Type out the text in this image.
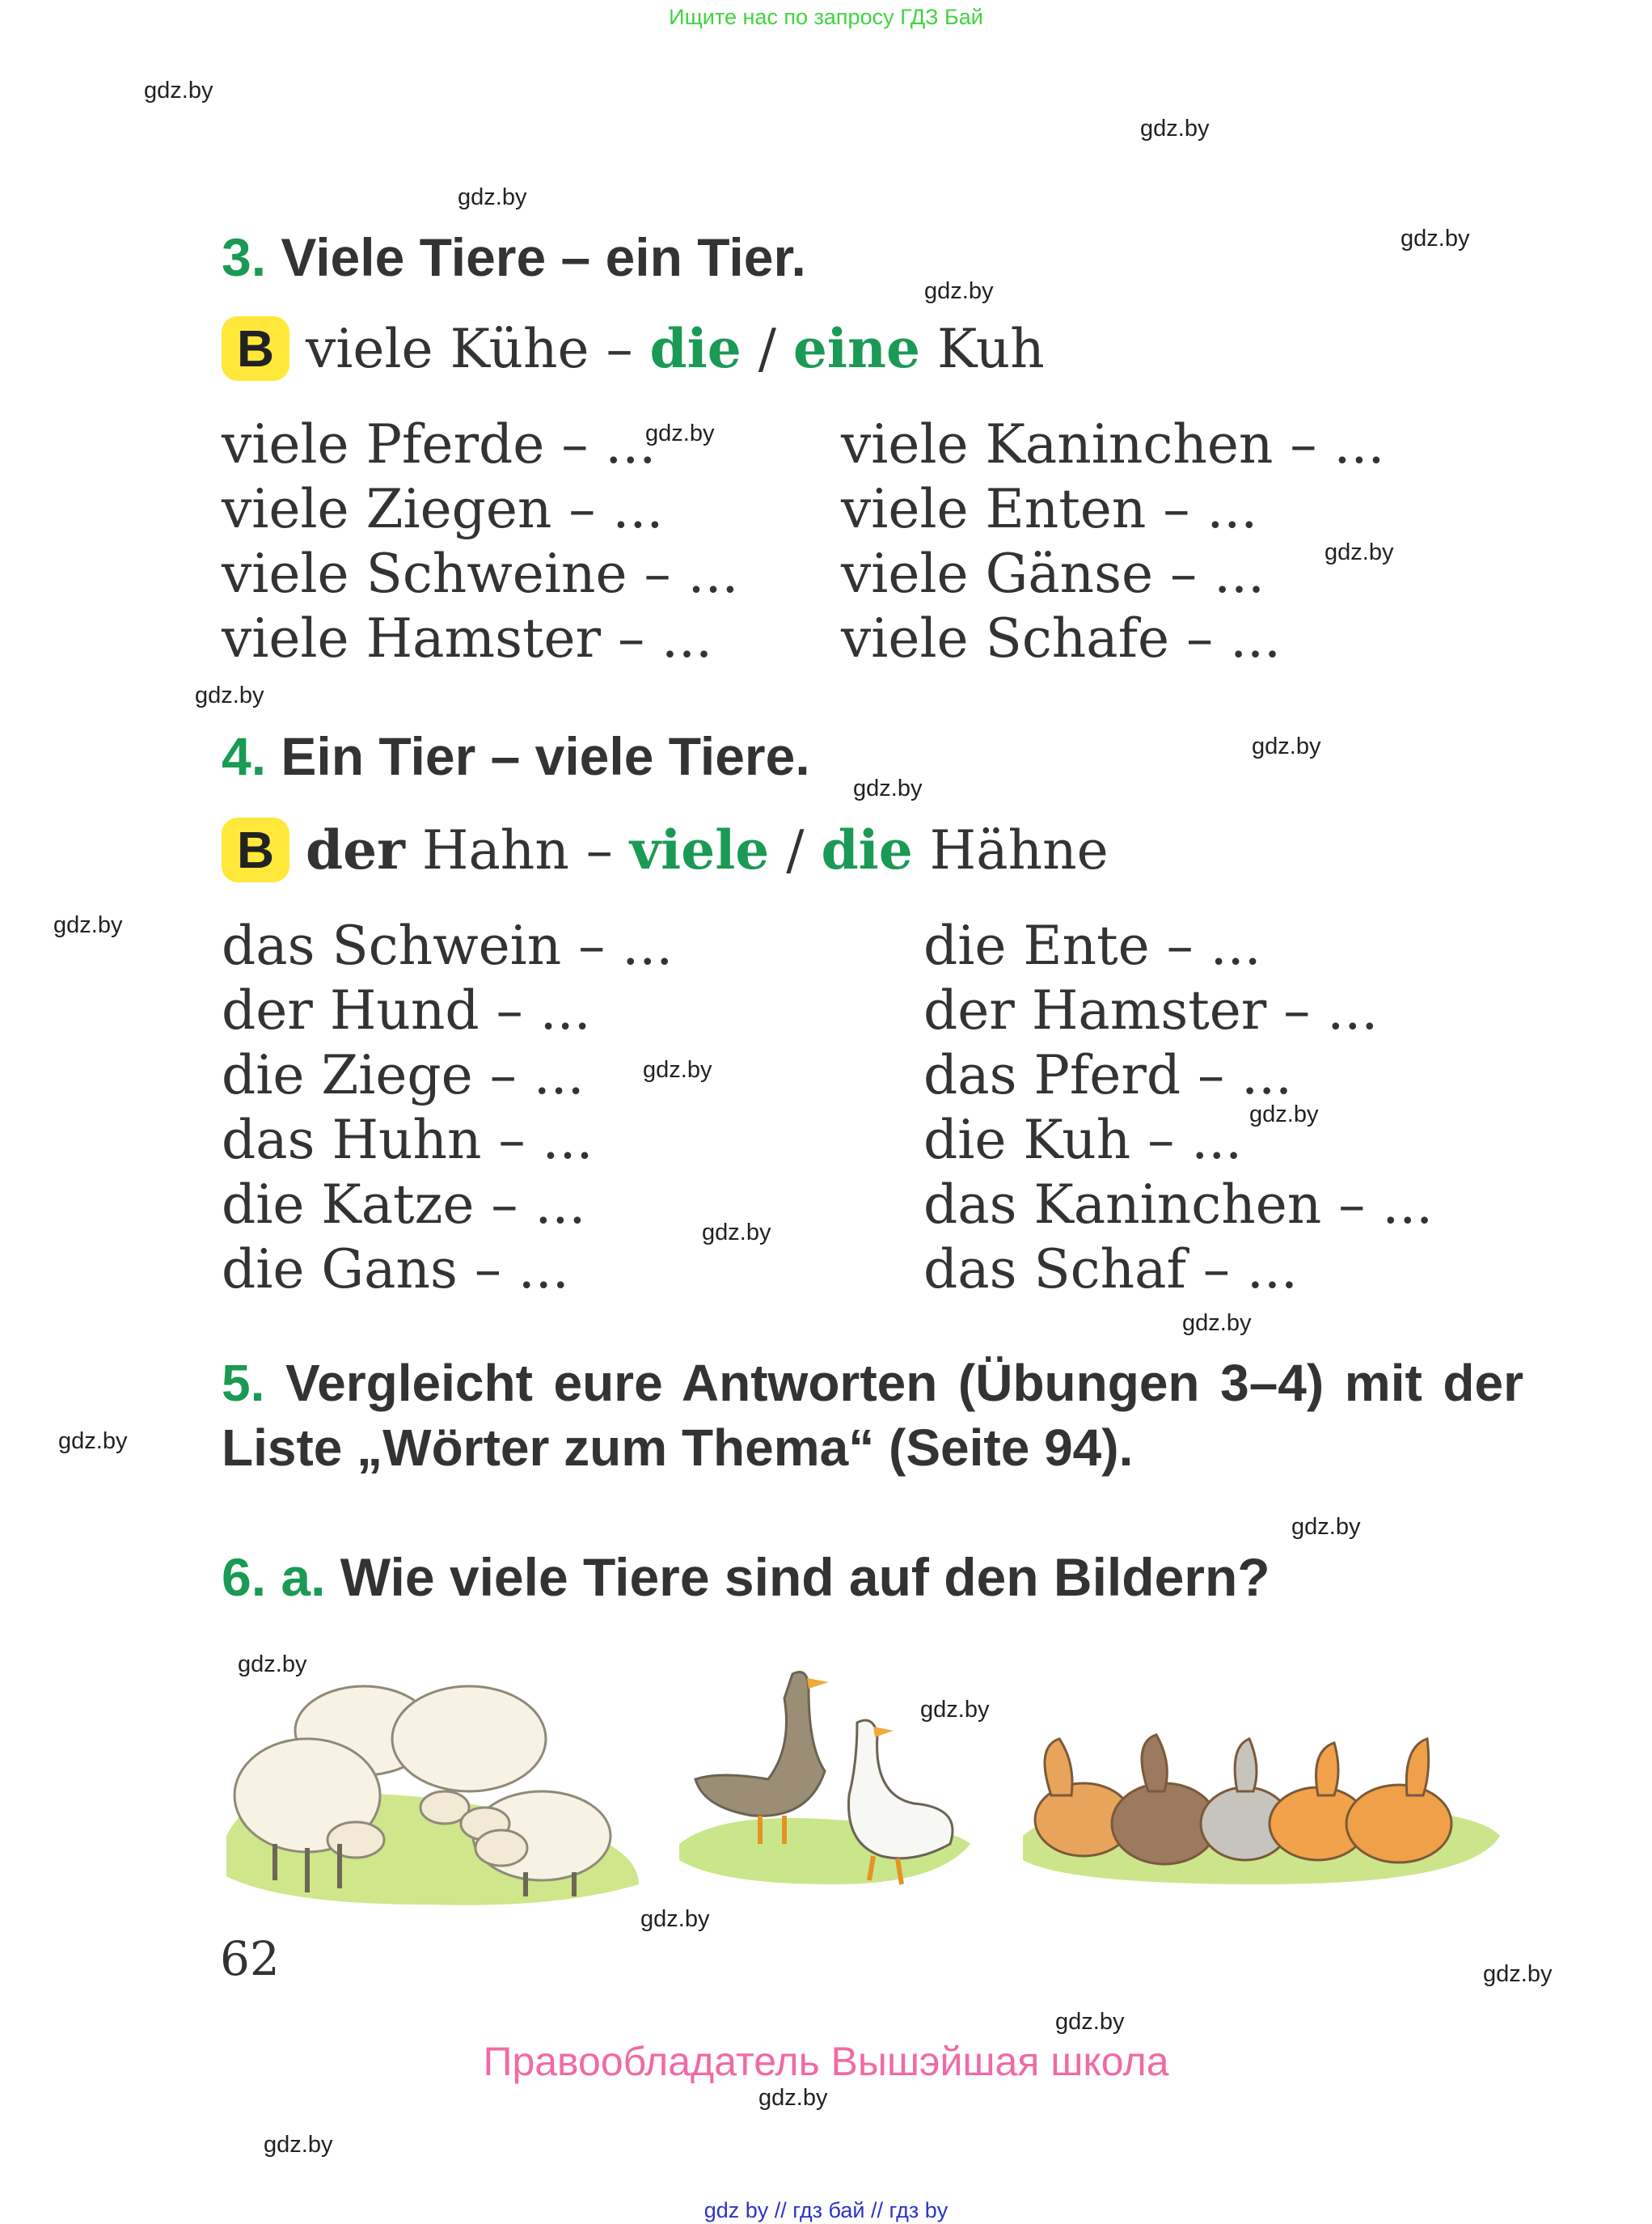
Ищите нас по запросу ГДЗ Бай
gdz.by
gdz.by
gdz.by
gdz.by
gdz.by
gdz.by
gdz.by
gdz.by
gdz.by
gdz.by
gdz.by
gdz.by
gdz.by
gdz.by
gdz.by
gdz.by
gdz.by
gdz.by
gdz.by
gdz.by
gdz.by
gdz.by
gdz.by
gdz.by
3. Viele Tiere – ein Tier.
B viele Kühe – die / eine Kuh
viele Pferde – ...
viele Ziegen – ...
viele Schweine – ...
viele Hamster – ...
viele Kaninchen – ...
viele Enten – ...
viele Gänse – ...
viele Schafe – ...
4. Ein Tier – viele Tiere.
B der Hahn – viele / die Hähne
das Schwein – ...
der Hund – ...
die Ziege – ...
das Huhn – ...
die Katze – ...
die Gans – ...
die Ente – ...
der Hamster – ...
das Pferd – ...
die Kuh – ...
das Kaninchen – ...
das Schaf – ...
5. Vergleicht eure Antworten (Übungen 3–4) mit der Liste „Wörter zum Thema“ (Seite 94).
6. a. Wie viele Tiere sind auf den Bildern?
62
Правообладатель Вышэйшая школа
gdz by // гдз бай // гдз by
